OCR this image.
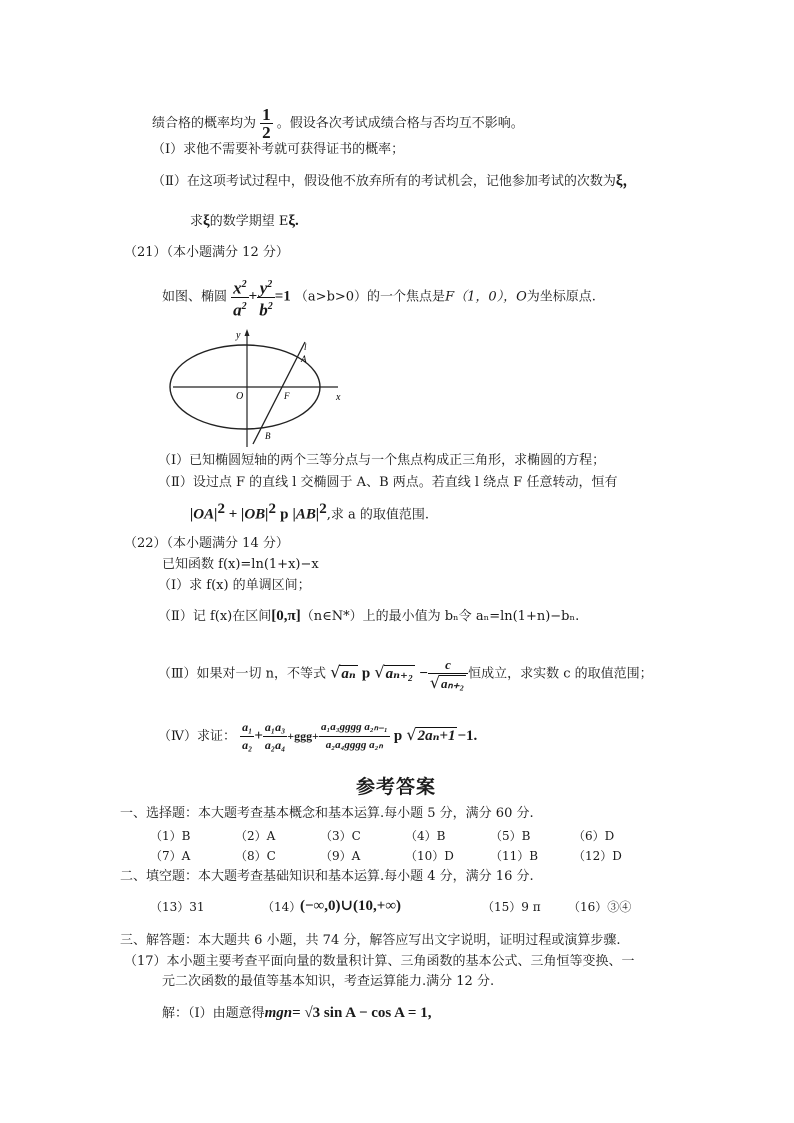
绩合格的概率均为 $\frac{1}{2}$ 。假设各次考试成绩合格与否均互不影响。
（Ⅰ）求他不需要补考就可获得证书的概率；
（Ⅱ）在这项考试过程中，假设他不放弃所有的考试机会，记他参加考试的次数为ξ，
求ξ的数学期望 Eξ.
（21）（本小题满分 12 分）
如图、椭圆 $\frac{x^2}{a^2} + \frac{y^2}{b^2} =1$ （a>b>0）的一个焦点是F（1，0），O为坐标原点.
y
O	F
A
B
x
l
（Ⅰ）已知椭圆短轴的两个三等分点与一个焦点构成正三角形，求椭圆的方程；
（Ⅱ）设过点 F 的直线 l 交椭圆于 A、B 两点。若直线 l 绕点 F 任意转动，恒有
$|OA|^2 + |OB|^2$ p $|AB|^2$,求 a 的取值范围.
（22）（本小题满分 14 分）
已知函数 f(x)=ln(1+x)−x
（Ⅰ）求 f(x) 的单调区间；
（Ⅱ）记 f(x)在区间[0,π]（n∈N*）上的最小值为 bₙ令 aₙ=ln(1+n)−bₙ.
（Ⅲ）如果对一切 n，不等式 √aₙ p $√a_{n+2} - \frac{c}{\text{√aₙ₊₂}}$ 恒成立，求实数 c 的取值范围；
（Ⅳ）求证： $\frac{\text{a₁}}{\text{a₂}} + \frac{\text{a₁a₃}}{\text{a₂a₄}} +ggg+ \frac{\text{a₁a₃gggg a₂ₙ₋₁}}{\text{a₂a₄gggg a₂ₙ}}$ p √2aₙ+1 −1.
参考答案
一、选择题：本大题考查基本概念和基本运算.每小题 5 分，满分 60 分.
（1）B	（2）A	（3）C	（4）B	（5）B	（6）D
（7）A	（8）C	（9）A	（10）D	（11）B	（12）D
二、填空题：本大题考查基础知识和基本运算.每小题 4 分，满分 16 分.
（13）31	（14）
(−∞,0)∪(10,+∞)	（15）9 π （16）③④
三、解答题：本大题共 6 小题，共 74 分，解答应写出文字说明，证明过程或演算步骤.
（17）本小题主要考查平面向量的数量积计算、三角函数的基本公式、三角恒等变换、一
元二次函数的最值等基本知识，考查运算能力.满分 12 分.
解：（Ⅰ）由题意得mgn= √3 sin A − cos A = 1,
